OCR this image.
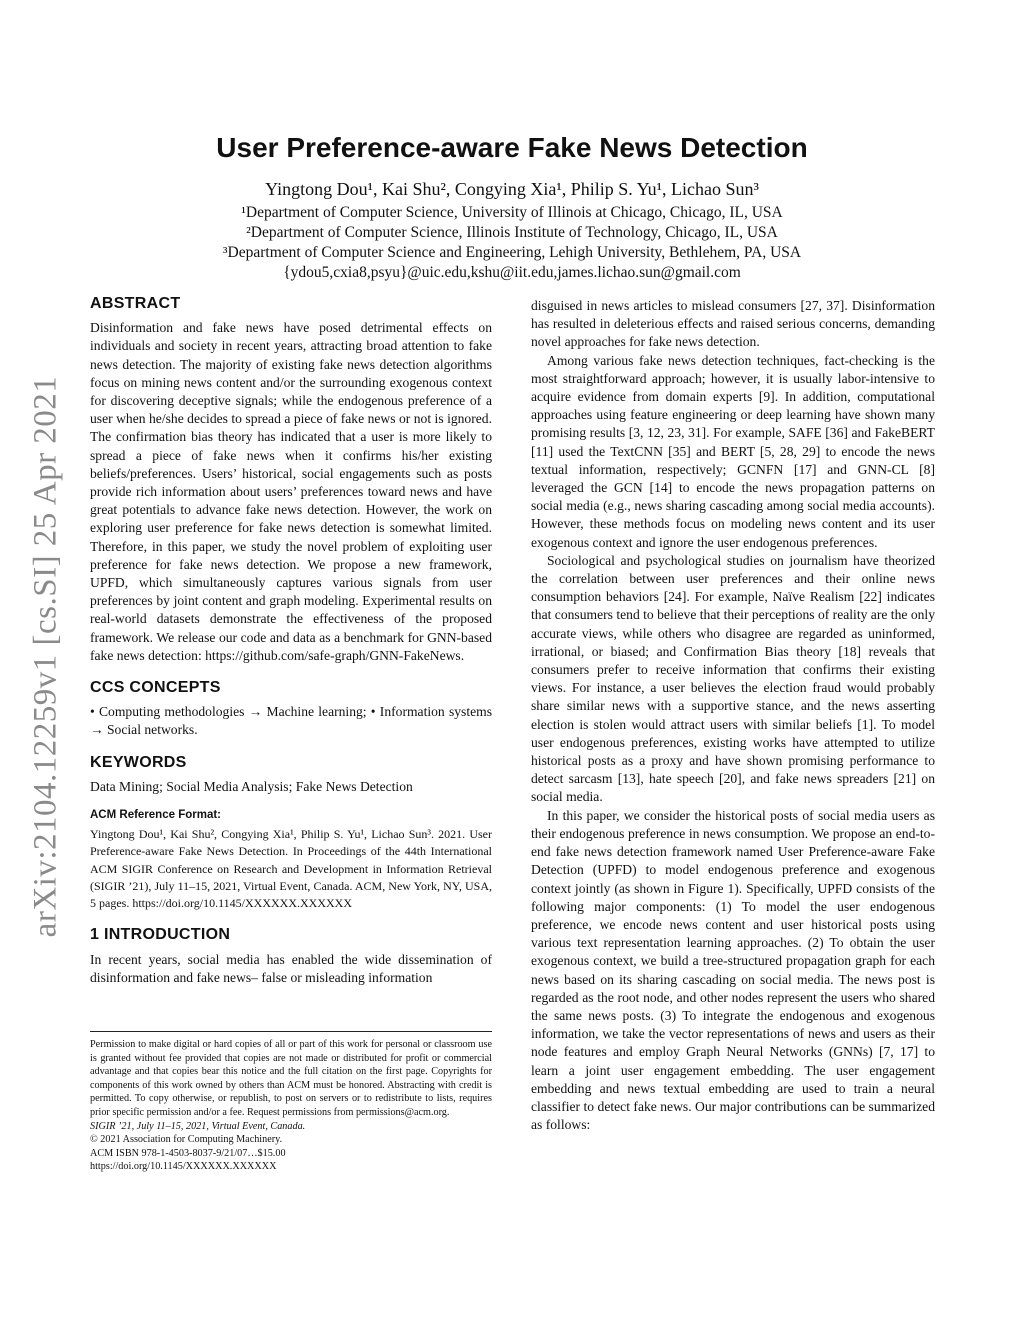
arXiv:2104.12259v1 [cs.SI] 25 Apr 2021
User Preference-aware Fake News Detection

Yingtong Dou¹, Kai Shu², Congying Xia¹, Philip S. Yu¹, Lichao Sun³

¹Department of Computer Science, University of Illinois at Chicago, Chicago, IL, USA

²Department of Computer Science, Illinois Institute of Technology, Chicago, IL, USA

³Department of Computer Science and Engineering, Lehigh University, Bethlehem, PA, USA

{ydou5,cxia8,psyu}@uic.edu,kshu@iit.edu,james.lichao.sun@gmail.com

ABSTRACT

Disinformation and fake news have posed detrimental effects on individuals and society in recent years, attracting broad attention to fake news detection. The majority of existing fake news detection algorithms focus on mining news content and/or the surrounding exogenous context for discovering deceptive signals; while the endogenous preference of a user when he/she decides to spread a piece of fake news or not is ignored. The confirmation bias theory has indicated that a user is more likely to spread a piece of fake news when it confirms his/her existing beliefs/preferences. Users’ historical, social engagements such as posts provide rich information about users’ preferences toward news and have great potentials to advance fake news detection. However, the work on exploring user preference for fake news detection is somewhat limited. Therefore, in this paper, we study the novel problem of exploiting user preference for fake news detection. We propose a new framework, UPFD, which simultaneously captures various signals from user preferences by joint content and graph modeling. Experimental results on real-world datasets demonstrate the effectiveness of the proposed framework. We release our code and data as a benchmark for GNN-based fake news detection: https://github.com/safe-graph/GNN-FakeNews.

CCS CONCEPTS

• Computing methodologies → Machine learning; • Information systems → Social networks.

KEYWORDS

Data Mining; Social Media Analysis; Fake News Detection

ACM Reference Format:

Yingtong Dou¹, Kai Shu², Congying Xia¹, Philip S. Yu¹, Lichao Sun³. 2021. User Preference-aware Fake News Detection. In Proceedings of the 44th International ACM SIGIR Conference on Research and Development in Information Retrieval (SIGIR ’21), July 11–15, 2021, Virtual Event, Canada. ACM, New York, NY, USA, 5 pages. https://doi.org/10.1145/XXXXXX.XXXXXX

1 INTRODUCTION

In recent years, social media has enabled the wide dissemination of disinformation and fake news– false or misleading information

Permission to make digital or hard copies of all or part of this work for personal or classroom use is granted without fee provided that copies are not made or distributed for profit or commercial advantage and that copies bear this notice and the full citation on the first page. Copyrights for components of this work owned by others than ACM must be honored. Abstracting with credit is permitted. To copy otherwise, or republish, to post on servers or to redistribute to lists, requires prior specific permission and/or a fee. Request permissions from permissions@acm.org.

SIGIR ’21, July 11–15, 2021, Virtual Event, Canada.

© 2021 Association for Computing Machinery.

ACM ISBN 978-1-4503-8037-9/21/07…$15.00

https://doi.org/10.1145/XXXXXX.XXXXXX

disguised in news articles to mislead consumers [27, 37]. Disinformation has resulted in deleterious effects and raised serious concerns, demanding novel approaches for fake news detection.

Among various fake news detection techniques, fact-checking is the most straightforward approach; however, it is usually labor-intensive to acquire evidence from domain experts [9]. In addition, computational approaches using feature engineering or deep learning have shown many promising results [3, 12, 23, 31]. For example, SAFE [36] and FakeBERT [11] used the TextCNN [35] and BERT [5, 28, 29] to encode the news textual information, respectively; GCNFN [17] and GNN-CL [8] leveraged the GCN [14] to encode the news propagation patterns on social media (e.g., news sharing cascading among social media accounts). However, these methods focus on modeling news content and its user exogenous context and ignore the user endogenous preferences.

Sociological and psychological studies on journalism have theorized the correlation between user preferences and their online news consumption behaviors [24]. For example, Naïve Realism [22] indicates that consumers tend to believe that their perceptions of reality are the only accurate views, while others who disagree are regarded as uninformed, irrational, or biased; and Confirmation Bias theory [18] reveals that consumers prefer to receive information that confirms their existing views. For instance, a user believes the election fraud would probably share similar news with a supportive stance, and the news asserting election is stolen would attract users with similar beliefs [1]. To model user endogenous preferences, existing works have attempted to utilize historical posts as a proxy and have shown promising performance to detect sarcasm [13], hate speech [20], and fake news spreaders [21] on social media.

In this paper, we consider the historical posts of social media users as their endogenous preference in news consumption. We propose an end-to-end fake news detection framework named User Preference-aware Fake Detection (UPFD) to model endogenous preference and exogenous context jointly (as shown in Figure 1). Specifically, UPFD consists of the following major components: (1) To model the user endogenous preference, we encode news content and user historical posts using various text representation learning approaches. (2) To obtain the user exogenous context, we build a tree-structured propagation graph for each news based on its sharing cascading on social media. The news post is regarded as the root node, and other nodes represent the users who shared the same news posts. (3) To integrate the endogenous and exogenous information, we take the vector representations of news and users as their node features and employ Graph Neural Networks (GNNs) [7, 17] to learn a joint user engagement embedding. The user engagement embedding and news textual embedding are used to train a neural classifier to detect fake news. Our major contributions can be summarized as follows:
